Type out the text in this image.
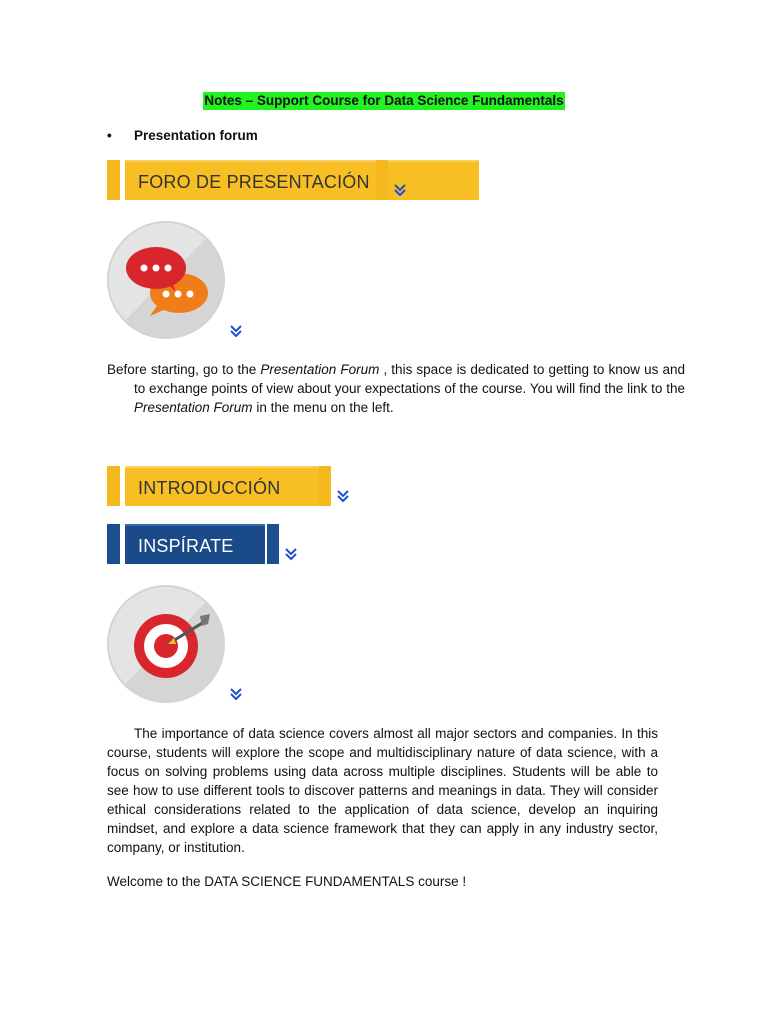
Notes – Support Course for Data Science Fundamentals
• Presentation forum
FORO DE PRESENTACIÓN
Before starting, go to the Presentation Forum , this space is dedicated to getting to know us and to exchange points of view about your expectations of the course. You will find the link to the Presentation Forum in the menu on the left.
INTRODUCCIÓN
INSPÍRATE
The importance of data science covers almost all major sectors and companies. In this course, students will explore the scope and multidisciplinary nature of data science, with a focus on solving problems using data across multiple disciplines. Students will be able to see how to use different tools to discover patterns and meanings in data. They will consider ethical considerations related to the application of data science, develop an inquiring mindset, and explore a data science framework that they can apply in any industry sector, company, or institution.
Welcome to the DATA SCIENCE FUNDAMENTALS course !
